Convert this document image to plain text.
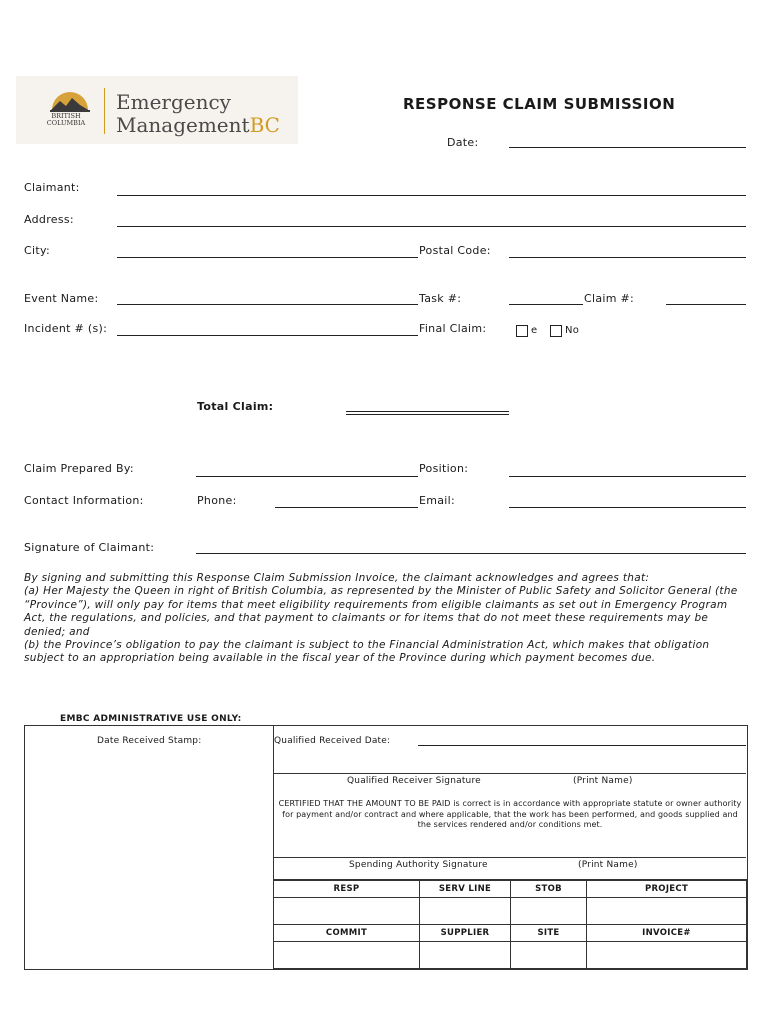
BRITISH
COLUMBIA
Emergency
ManagementBC
RESPONSE CLAIM SUBMISSION
Date:
Claimant:
Address:
City:	Postal Code:
Event Name:	Task #:	Claim #:
Incident # (s):	Final Claim:	e	No
Total Claim:
Claim Prepared By:	Position:
Contact Information:	Phone:	Email:
Signature of Claimant:

By signing and submitting this Response Claim Submission Invoice, the claimant acknowledges and agrees that:

(a) Her Majesty the Queen in right of British Columbia, as represented by the Minister of Public Safety and Solicitor General (the “Province”), will only pay for items that meet eligibility requirements from eligible claimants as set out in Emergency Program Act, the regulations, and policies, and that payment to claimants or for items that do not meet these requirements may be denied; and

(b) the Province’s obligation to pay the claimant is subject to the Financial Administration Act, which makes that obligation subject to an appropriation being available in the fiscal year of the Province during which payment becomes due.

EMBC ADMINISTRATIVE USE ONLY:
Date Received Stamp:	Qualified Received Date:
Qualified Receiver Signature	(Print Name)
CERTIFIED THAT THE AMOUNT TO BE PAID is correct is in accordance with appropriate statute or owner authority for payment and/or contract and where applicable, that the work has been performed, and goods supplied and the services rendered and/or conditions met.
Spending Authority Signature	(Print Name)
RESP	SERV LINE	STOB	PROJECT

COMMIT	SUPPLIER	SITE	INVOICE#
